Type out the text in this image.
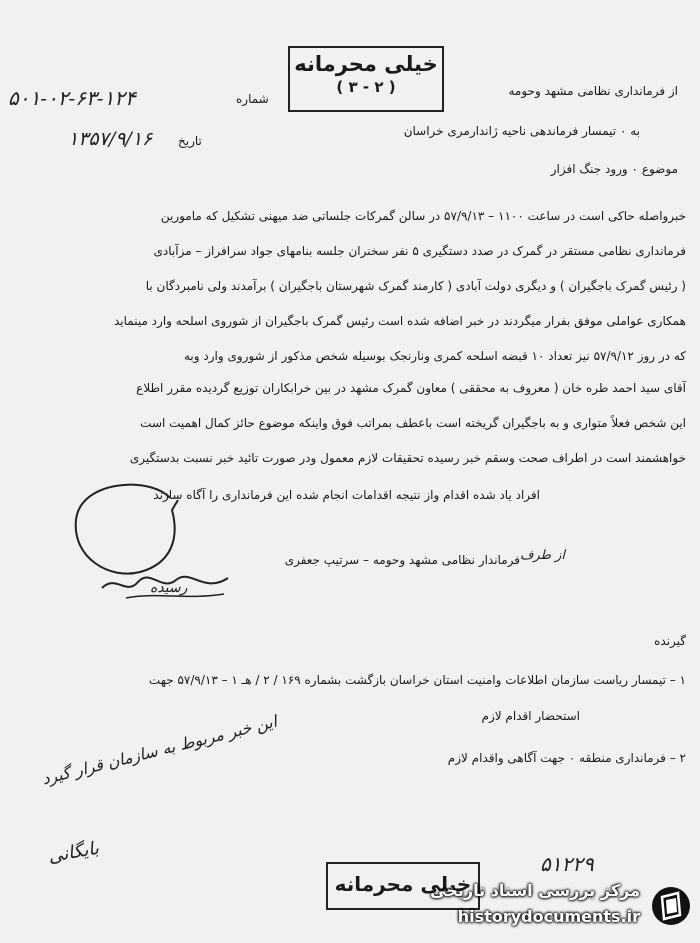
خیلی محرمانه
( ۲ - ۳ )
۵۰۱-۰۲-۶۳-۱۲۴	شماره
۱۳۵۷/۹/۱۶ تاریخ
از فرماندارى نظامى مشهد وحومه
به ۰ تیمسار فرماندهى ناحیه ژاندارمرى خراسان
موضوع ۰ ورود جنگ افزار
خبرواصله حاکى است در ساعت ۱۱۰۰ – ۵۷/۹/۱۳ در سالن گمرکات جلساتى ضد میهنى تشکیل که مامورین
فرماندارى نظامى مستقر در گمرک در صدد دستگیرى ۵ نفر سخنران جلسه بنامهاى جواد سرافراز – مزآبادى
( رئیس گمرک باجگیران ) و دیگرى دولت آبادى ( کارمند گمرک شهرستان باجگیران ) برآمدند ولى نامبردگان با
همکارى عواملى موفق بفرار میگردند در خبر اضافه شده است رئیس گمرک باجگیران از شوروى اسلحه وارد مینماید
که در روز ۵۷/۹/۱۲ نیز تعداد ۱۰ قبضه اسلحه کمرى ونارنجک بوسیله شخص مذکور از شوروى وارد وبه
آقاى سید احمد طره خان ( معروف به محققى ) معاون گمرک مشهد در بین خرابکاران توزیع گردیده مقرر اطلاع
این شخص فعلاً متوارى و به باجگیران گریخته است باعطف بمراتب فوق واینکه موضوع حائز کمال اهمیت است
خواهشمند است در اطراف صحت وسقم خبر رسیده تحقیقات لازم معمول ودر صورت تائید خبر نسبت بدستگیرى
افراد یاد شده اقدام واز نتیجه اقدامات انجام شده این فرماندارى را آگاه سازند
فرماندار نظامى مشهد وحومه – سرتیپ جعفرى از طرف
رسیده
گیرنده
۱ – تیمسار ریاست سازمان اطلاعات وامنیت استان خراسان بازگشت بشماره ۱۶۹ / ۲ / هـ ۱ – ۵۷/۹/۱۳ جهت
استحضار اقدام لازم
۲ – فرماندارى منطقه ۰ جهت آگاهى واقدام لازم
این خبر مربوط به سازمان قرار گیرد
بایگانى	۵۱۲۲۹
خیلی محرمانه
مرکز بررسی اسناد تاریخی
historydocuments.ir
